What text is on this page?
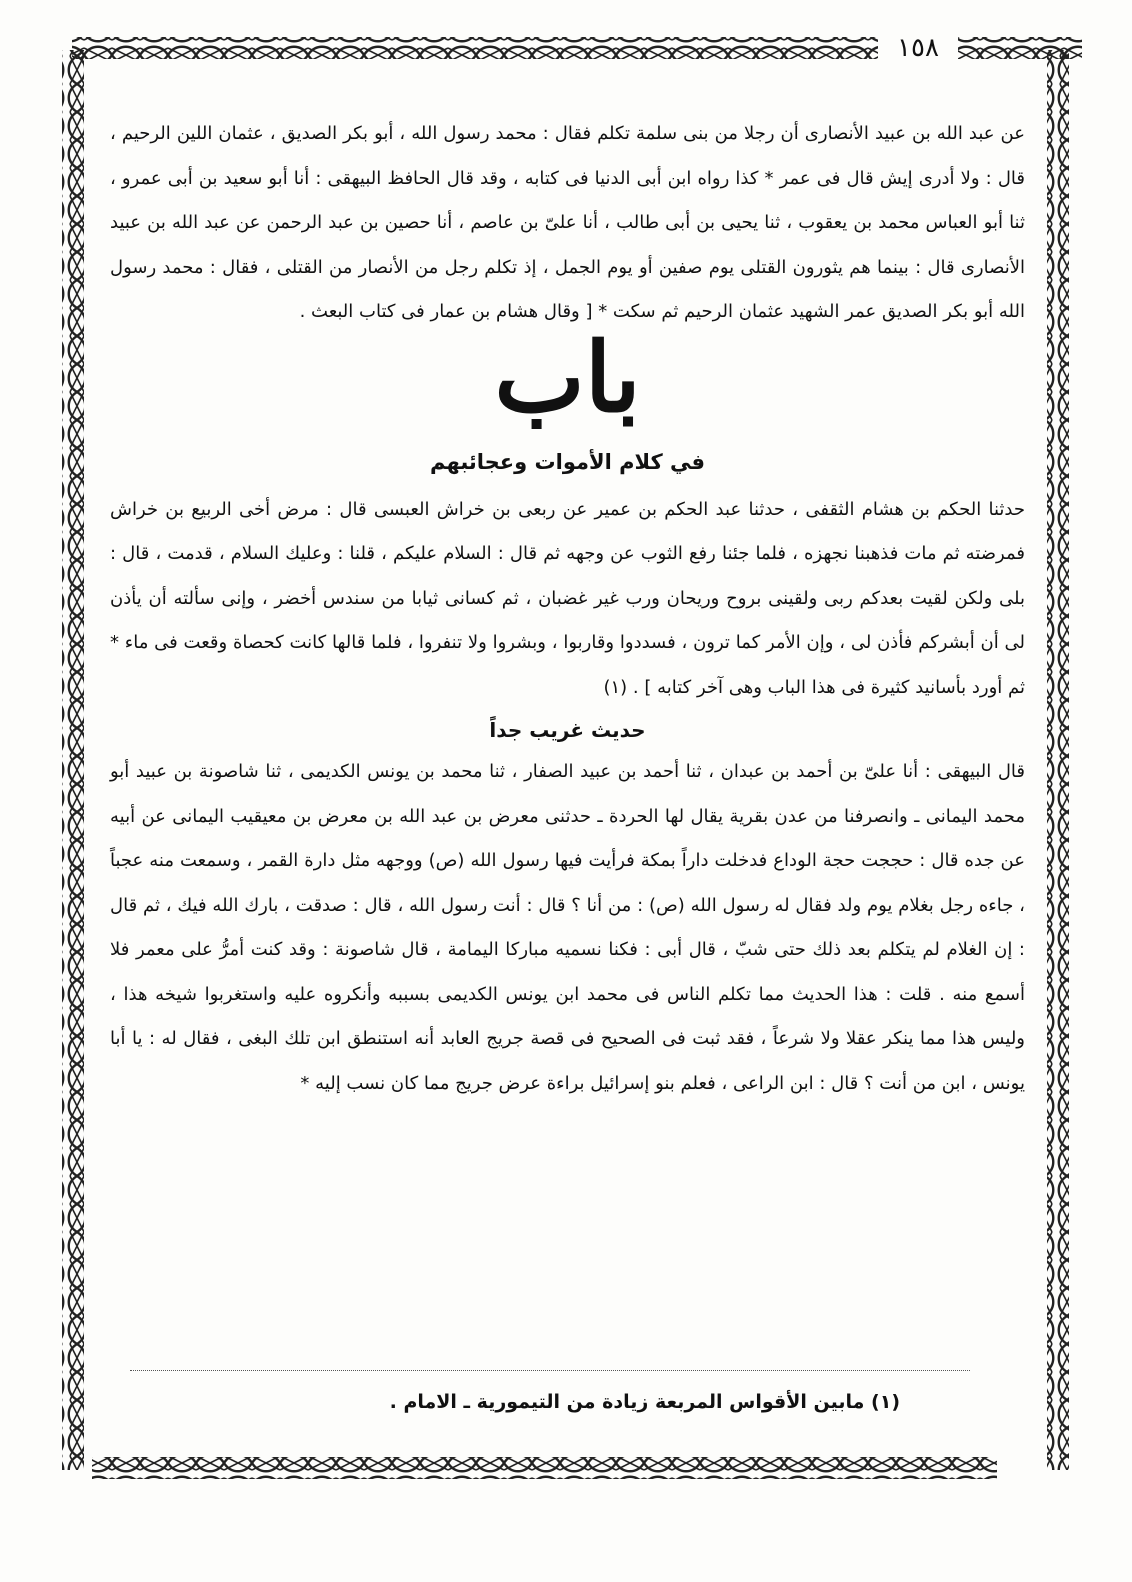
١٥٨

عن عبد الله بن عبيد الأنصارى أن رجلا من بنى سلمة تكلم فقال : محمد رسول الله ، أبو بكر الصديق ، عثمان اللين الرحيم ، قال : ولا أدرى إيش قال فى عمر * كذا رواه ابن أبى الدنيا فى كتابه ، وقد قال الحافظ البيهقى : أنا أبو سعيد بن أبى عمرو ، ثنا أبو العباس محمد بن يعقوب ، ثنا يحيى بن أبى طالب ، أنا علىّ بن عاصم ، أنا حصين بن عبد الرحمن عن عبد الله بن عبيد الأنصارى قال : بينما هم يثورون القتلى يوم صفين أو يوم الجمل ، إذ تكلم رجل من الأنصار من القتلى ، فقال : محمد رسول الله أبو بكر الصديق عمر الشهيد عثمان الرحيم ثم سكت * [ وقال هشام بن عمار فى كتاب البعث .

باب
في كلام الأموات وعجائبهم

حدثنا الحكم بن هشام الثقفى ، حدثنا عبد الحكم بن عمير عن ربعى بن خراش العبسى قال : مرض أخى الربيع بن خراش فمرضته ثم مات فذهبنا نجهزه ، فلما جئنا رفع الثوب عن وجهه ثم قال : السلام عليكم ، قلنا : وعليك السلام ، قدمت ، قال : بلى ولكن لقيت بعدكم ربى ولقينى بروح وريحان ورب غير غضبان ، ثم كسانى ثيابا من سندس أخضر ، وإنى سألته أن يأذن لى أن أبشركم فأذن لى ، وإن الأمر كما ترون ، فسددوا وقاربوا ، وبشروا ولا تنفروا ، فلما قالها كانت كحصاة وقعت فى ماء * ثم أورد بأسانيد كثيرة فى هذا الباب وهى آخر كتابه ] . (١)

حديث غريب جداً

قال البيهقى : أنا علىّ بن أحمد بن عبدان ، ثنا أحمد بن عبيد الصفار ، ثنا محمد بن يونس الكديمى ، ثنا شاصونة بن عبيد أبو محمد اليمانى ـ وانصرفنا من عدن بقرية يقال لها الحردة ـ حدثنى معرض بن عبد الله بن معرض بن معيقيب اليمانى عن أبيه عن جده قال : حججت حجة الوداع فدخلت داراً بمكة فرأيت فيها رسول الله (ص) ووجهه مثل دارة القمر ، وسمعت منه عجباً ، جاءه رجل بغلام يوم ولد فقال له رسول الله (ص) : من أنا ؟ قال : أنت رسول الله ، قال : صدقت ، بارك الله فيك ، ثم قال : إن الغلام لم يتكلم بعد ذلك حتى شبّ ، قال أبى : فكنا نسميه مباركا اليمامة ، قال شاصونة : وقد كنت أمرُّ على معمر فلا أسمع منه . قلت : هذا الحديث مما تكلم الناس فى محمد ابن يونس الكديمى بسببه وأنكروه عليه واستغربوا شيخه هذا ، وليس هذا مما ينكر عقلا ولا شرعاً ، فقد ثبت فى الصحيح فى قصة جريج العابد أنه استنطق ابن تلك البغى ، فقال له : يا أبا يونس ، ابن من أنت ؟ قال : ابن الراعى ، فعلم بنو إسرائيل براءة عرض جريج مما كان نسب إليه *

(١) مابين الأقواس المربعة زيادة من التيمورية ـ الامام .
